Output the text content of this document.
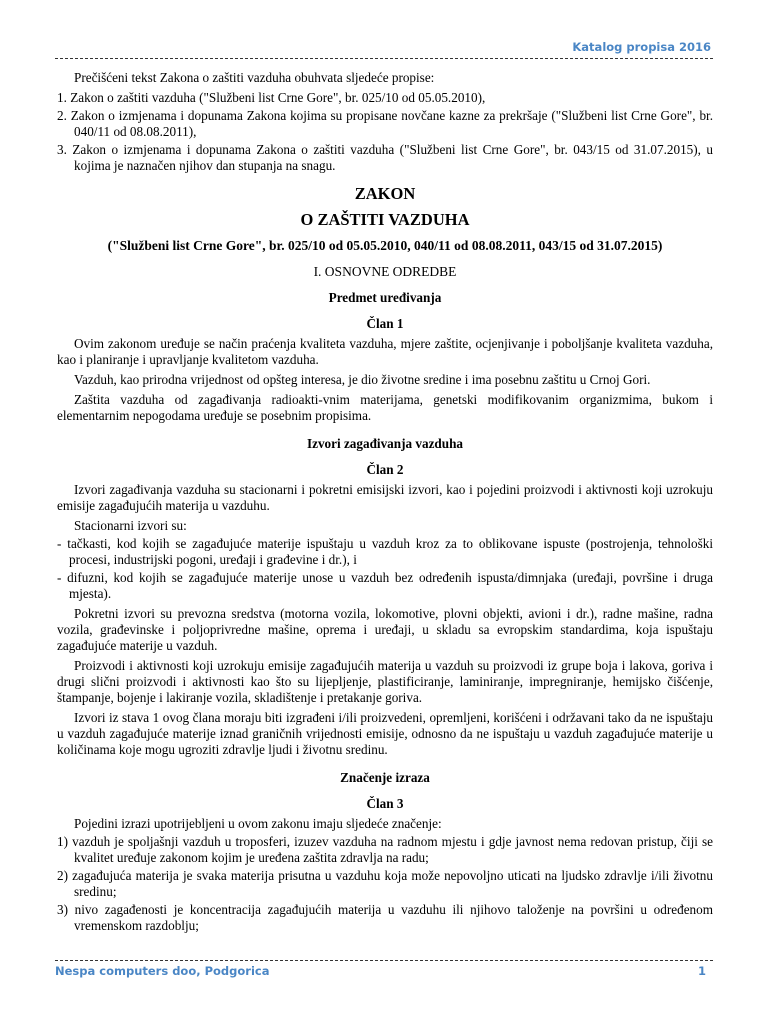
Katalog propisa 2016

Prečišćeni tekst Zakona o zaštiti vazduha obuhvata sljedeće propise:

1. Zakon o zaštiti vazduha ("Službeni list Crne Gore", br. 025/10 od 05.05.2010),

2. Zakon o izmjenama i dopunama Zakona kojima su propisane novčane kazne za prekršaje ("Službeni list Crne Gore", br. 040/11 od 08.08.2011),

3. Zakon o izmjenama i dopunama Zakona o zaštiti vazduha ("Službeni list Crne Gore", br. 043/15 od 31.07.2015), u kojima je naznačen njihov dan stupanja na snagu.

ZAKON

O ZAŠTITI VAZDUHA

("Službeni list Crne Gore", br. 025/10 od 05.05.2010, 040/11 od 08.08.2011, 043/15 od 31.07.2015)

I. OSNOVNE ODREDBE

Predmet uređivanja

Član 1

Ovim zakonom uređuje se način praćenja kvaliteta vazduha, mjere zaštite, ocjenjivanje i poboljšanje kvaliteta vazduha, kao i planiranje i upravljanje kvalitetom vazduha.

Vazduh, kao prirodna vrijednost od opšteg interesa, je dio životne sredine i ima posebnu zaštitu u Crnoj Gori.

Zaštita vazduha od zagađivanja radioakti-vnim materijama, genetski modifikovanim organizmima, bukom i elementarnim nepogodama uređuje se posebnim propisima.

Izvori zagađivanja vazduha

Član 2

Izvori zagađivanja vazduha su stacionarni i pokretni emisijski izvori, kao i pojedini proizvodi i aktivnosti koji uzrokuju emisije zagađujućih materija u vazduhu.

Stacionarni izvori su:

- tačkasti, kod kojih se zagađujuće materije ispuštaju u vazduh kroz za to oblikovane ispuste (postrojenja, tehnološki procesi, industrijski pogoni, uređaji i građevine i dr.), i

- difuzni, kod kojih se zagađujuće materije unose u vazduh bez određenih ispusta/dimnjaka (uređaji, površine i druga mjesta).

Pokretni izvori su prevozna sredstva (motorna vozila, lokomotive, plovni objekti, avioni i dr.), radne mašine, radna vozila, građevinske i poljoprivredne mašine, oprema i uređaji, u skladu sa evropskim standardima, koja ispuštaju zagađujuće materije u vazduh.

Proizvodi i aktivnosti koji uzrokuju emisije zagađujućih materija u vazduh su proizvodi iz grupe boja i lakova, goriva i drugi slični proizvodi i aktivnosti kao što su lijepljenje, plastificiranje, laminiranje, impregniranje, hemijsko čišćenje, štampanje, bojenje i lakiranje vozila, skladištenje i pretakanje goriva.

Izvori iz stava 1 ovog člana moraju biti izgrađeni i/ili proizvedeni, opremljeni, korišćeni i održavani tako da ne ispuštaju u vazduh zagađujuće materije iznad graničnih vrijednosti emisije, odnosno da ne ispuštaju u vazduh zagađujuće materije u količinama koje mogu ugroziti zdravlje ljudi i životnu sredinu.

Značenje izraza

Član 3

Pojedini izrazi upotrijebljeni u ovom zakonu imaju sljedeće značenje:

1) vazduh je spoljašnji vazduh u troposferi, izuzev vazduha na radnom mjestu i gdje javnost nema redovan pristup, čiji se kvalitet uređuje zakonom kojim je uređena zaštita zdravlja na radu;

2) zagađujuća materija je svaka materija prisutna u vazduhu koja može nepovoljno uticati na ljudsko zdravlje i/ili životnu sredinu;

3) nivo zagađenosti je koncentracija zagađujućih materija u vazduhu ili njihovo taloženje na površini u određenom vremenskom razdoblju;

Nespa computers doo, Podgorica	1
